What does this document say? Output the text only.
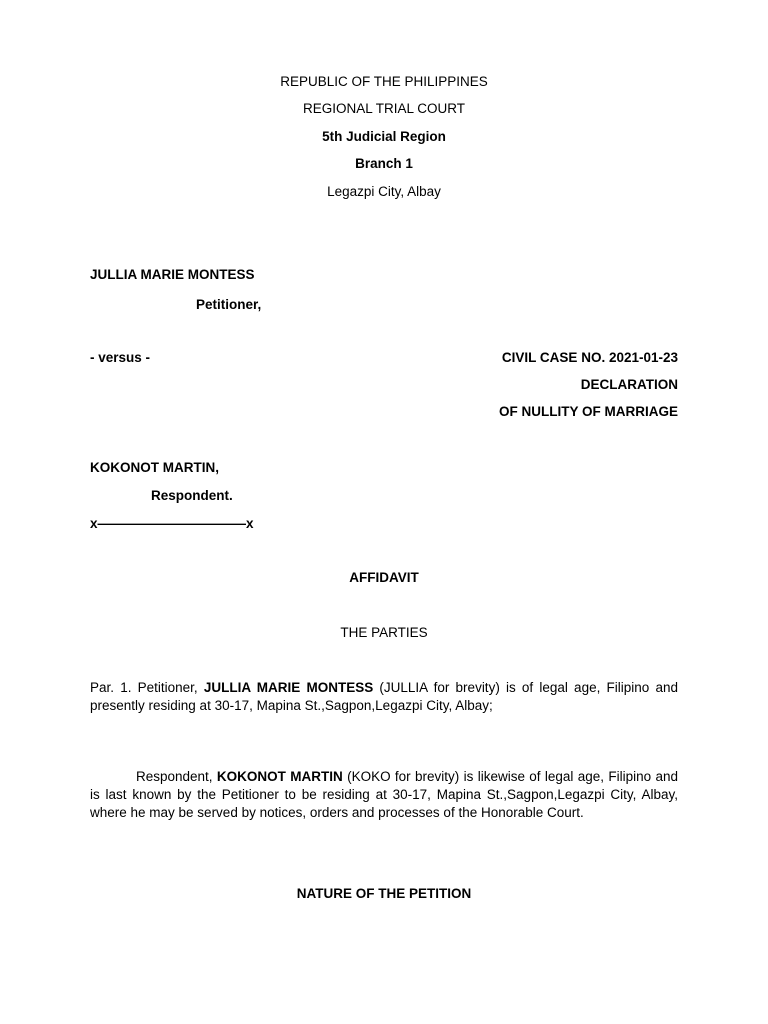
REPUBLIC OF THE PHILIPPINES
REGIONAL TRIAL COURT
5th Judicial Region
Branch 1
Legazpi City, Albay
JULLIA MARIE MONTESS
Petitioner,
- versus -	CIVIL CASE NO. 2021-01-23
DECLARATION
OF NULLITY OF MARRIAGE
KOKONOT MARTIN,
Respondent.
x———————————x
AFFIDAVIT
THE PARTIES
Par. 1. Petitioner, JULLIA MARIE MONTESS (JULLIA for brevity) is of legal age, Filipino and presently residing at 30-17, Mapina St.,Sagpon,Legazpi City, Albay;
Respondent, KOKONOT MARTIN (KOKO for brevity) is likewise of legal age, Filipino and is last known by the Petitioner to be residing at 30-17, Mapina St.,Sagpon,Legazpi City, Albay, where he may be served by notices, orders and processes of the Honorable Court.
NATURE OF THE PETITION
